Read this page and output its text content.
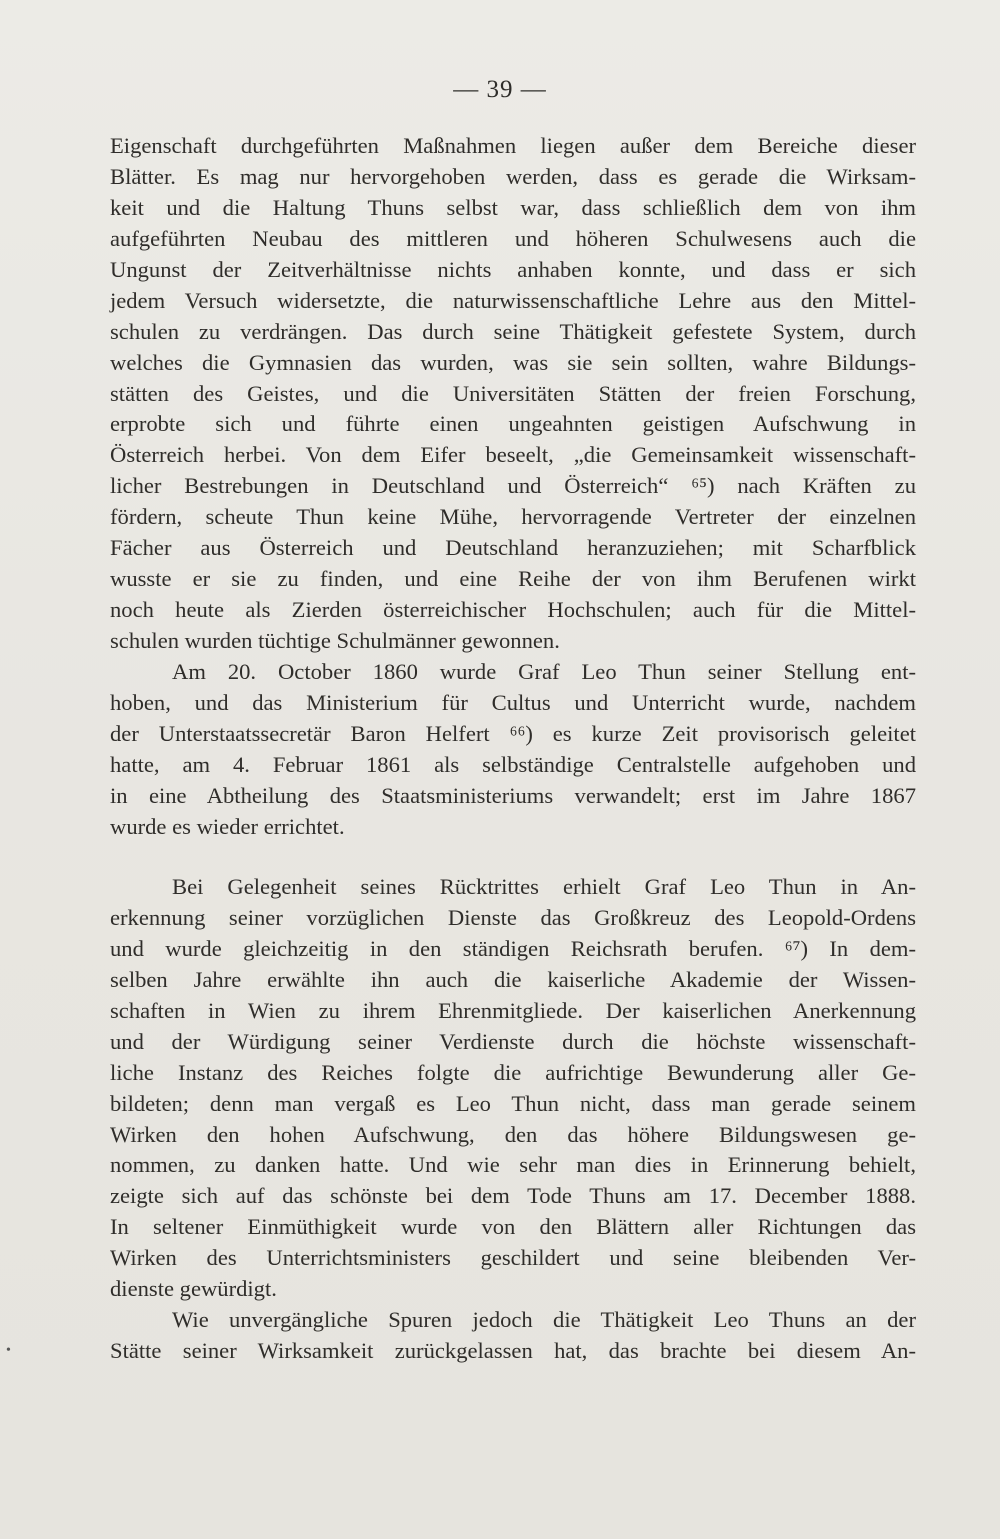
— 39 —
Eigenschaft durchgeführten Maßnahmen liegen außer dem Bereiche dieser
Blätter. Es mag nur hervorgehoben werden, dass es gerade die Wirksam-
keit und die Haltung Thuns selbst war, dass schließlich dem von ihm
aufgeführten Neubau des mittleren und höheren Schulwesens auch die
Ungunst der Zeitverhältnisse nichts anhaben konnte, und dass er sich
jedem Versuch widersetzte, die naturwissenschaftliche Lehre aus den Mittel-
schulen zu verdrängen. Das durch seine Thätigkeit gefestete System, durch
welches die Gymnasien das wurden, was sie sein sollten, wahre Bildungs-
stätten des Geistes, und die Universitäten Stätten der freien Forschung,
erprobte sich und führte einen ungeahnten geistigen Aufschwung in
Österreich herbei. Von dem Eifer beseelt, „die Gemeinsamkeit wissenschaft-
licher Bestrebungen in Deutschland und Österreich“ ⁶⁵) nach Kräften zu
fördern, scheute Thun keine Mühe, hervorragende Vertreter der einzelnen
Fächer aus Österreich und Deutschland heranzuziehen; mit Scharfblick
wusste er sie zu finden, und eine Reihe der von ihm Berufenen wirkt
noch heute als Zierden österreichischer Hochschulen; auch für die Mittel-
schulen wurden tüchtige Schulmänner gewonnen.
Am 20. October 1860 wurde Graf Leo Thun seiner Stellung ent-
hoben, und das Ministerium für Cultus und Unterricht wurde, nachdem
der Unterstaatssecretär Baron Helfert ⁶⁶) es kurze Zeit provisorisch geleitet
hatte, am 4. Februar 1861 als selbständige Centralstelle aufgehoben und
in eine Abtheilung des Staatsministeriums verwandelt; erst im Jahre 1867
wurde es wieder errichtet.
Bei Gelegenheit seines Rücktrittes erhielt Graf Leo Thun in An-
erkennung seiner vorzüglichen Dienste das Großkreuz des Leopold-Ordens
und wurde gleichzeitig in den ständigen Reichsrath berufen. ⁶⁷) In dem-
selben Jahre erwählte ihn auch die kaiserliche Akademie der Wissen-
schaften in Wien zu ihrem Ehrenmitgliede. Der kaiserlichen Anerkennung
und der Würdigung seiner Verdienste durch die höchste wissenschaft-
liche Instanz des Reiches folgte die aufrichtige Bewunderung aller Ge-
bildeten; denn man vergaß es Leo Thun nicht, dass man gerade seinem
Wirken den hohen Aufschwung, den das höhere Bildungswesen ge-
nommen, zu danken hatte. Und wie sehr man dies in Erinnerung behielt,
zeigte sich auf das schönste bei dem Tode Thuns am 17. December 1888.
In seltener Einmüthigkeit wurde von den Blättern aller Richtungen das
Wirken des Unterrichtsministers geschildert und seine bleibenden Ver-
dienste gewürdigt.
Wie unvergängliche Spuren jedoch die Thätigkeit Leo Thuns an der
Stätte seiner Wirksamkeit zurückgelassen hat, das brachte bei diesem An-
•
